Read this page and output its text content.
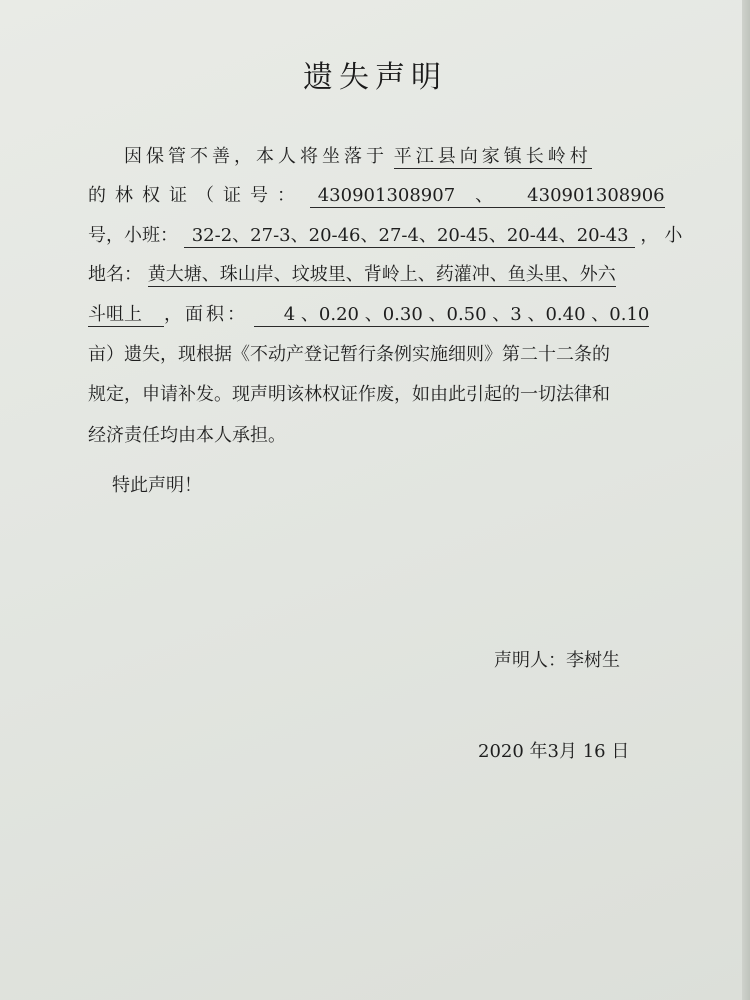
遗失声明
因保管不善，本人将坐落于 平江县向家镇长岭村
的林权证（证号： 430901308907 、 430901308906
号，小班： 32-2、27-3、20-46、27-4、20-45、20-44、20-43 ，小
地名： 黄大塘、珠山岸、坟坡里、背岭上、药灌冲、鱼头里、外六
斗咀上 ，面积： 4 、0.20 、0.30 、0.50 、3 、0.40 、0.10
亩）遗失，现根据《不动产登记暂行条例实施细则》第二十二条的
规定，申请补发。现声明该林权证作废，如由此引起的一切法律和
经济责任均由本人承担。
特此声明！
声明人：李树生
2020 年3月 16 日
